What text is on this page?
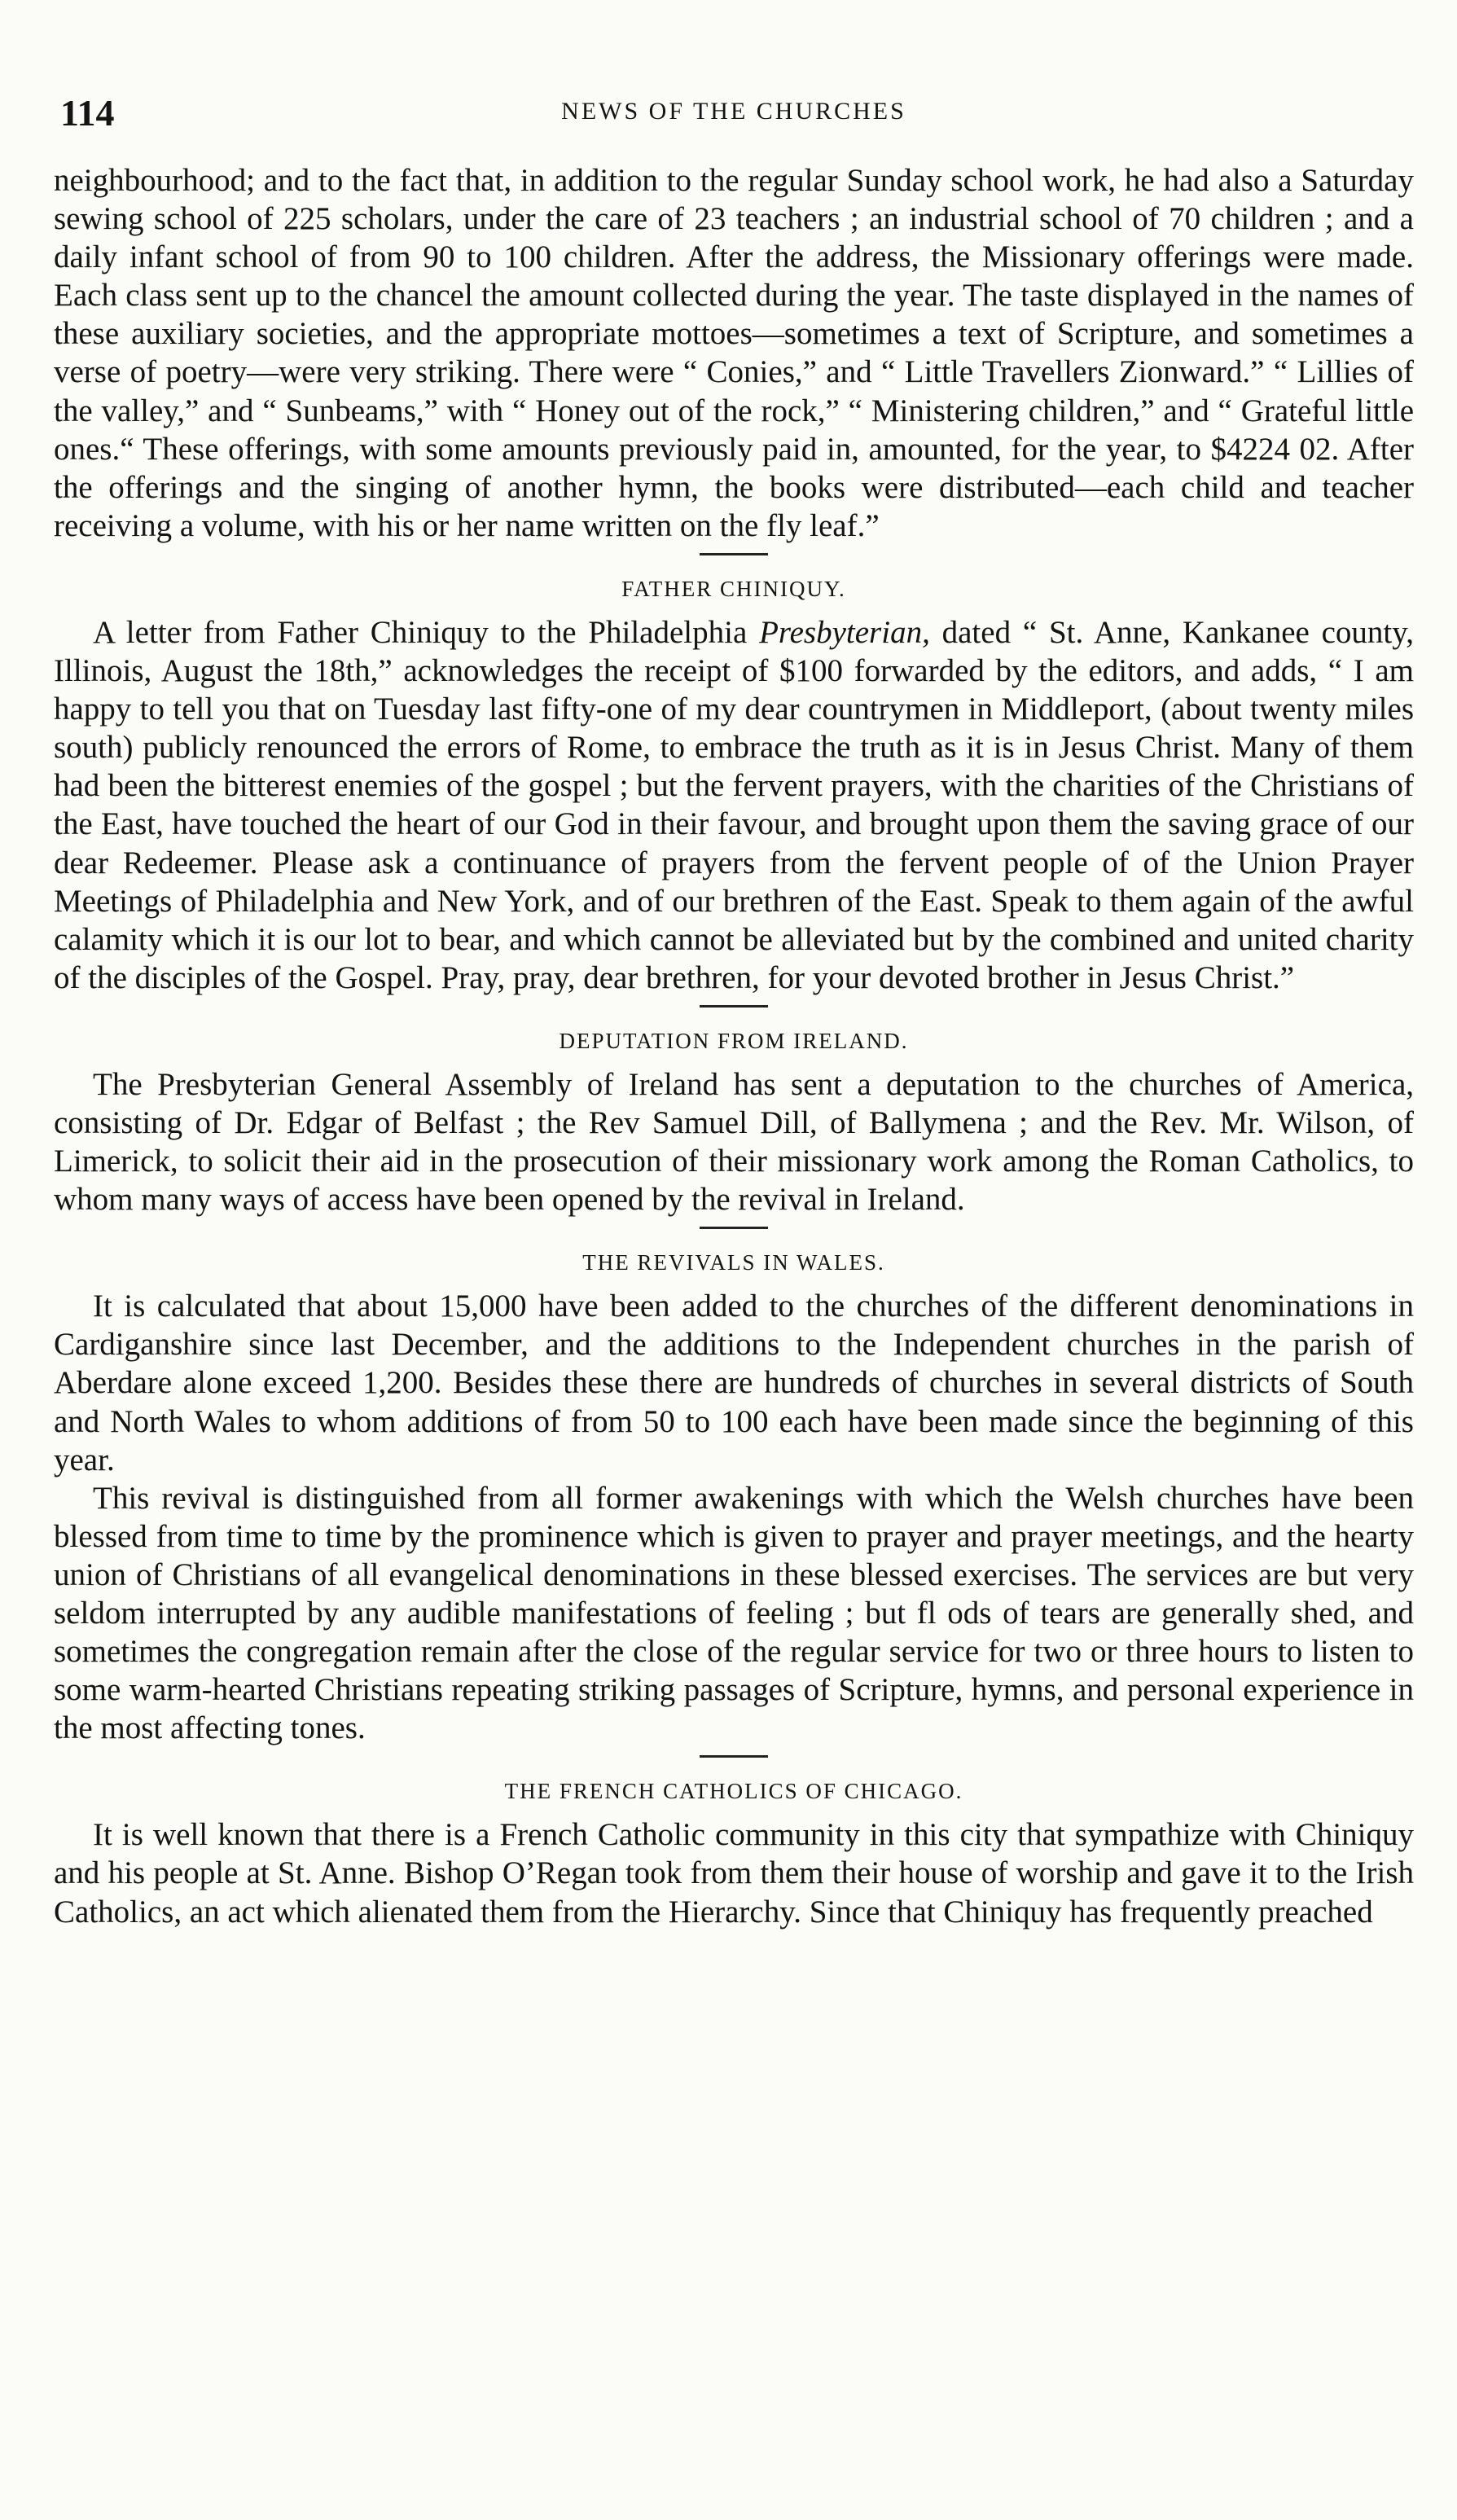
114	NEWS OF THE CHURCHES

neighbourhood; and to the fact that, in addition to the regular Sunday school work, he had also a Saturday sewing school of 225 scholars, under the care of 23 teachers ; an industrial school of 70 children ; and a daily infant school of from 90 to 100 children. After the address, the Missionary offerings were made. Each class sent up to the chancel the amount collected during the year. The taste displayed in the names of these auxiliary societies, and the appropriate mottoes—sometimes a text of Scripture, and sometimes a verse of poetry—were very striking. There were “ Conies,” and “ Little Travellers Zionward.” “ Lillies of the valley,” and “ Sunbeams,” with “ Honey out of the rock,” “ Ministering children,” and “ Grateful little ones.“ These offerings, with some amounts previously paid in, amounted, for the year, to $4224 02. After the offerings and the singing of another hymn, the books were distributed—each child and teacher receiving a volume, with his or her name written on the fly leaf.”

FATHER CHINIQUY.

A letter from Father Chiniquy to the Philadelphia Presbyterian, dated “ St. Anne, Kankanee county, Illinois, August the 18th,” acknowledges the receipt of $100 forwarded by the editors, and adds, “ I am happy to tell you that on Tuesday last fifty-one of my dear countrymen in Middleport, (about twenty miles south) publicly renounced the errors of Rome, to embrace the truth as it is in Jesus Christ. Many of them had been the bitterest enemies of the gospel ; but the fervent prayers, with the charities of the Christians of the East, have touched the heart of our God in their favour, and brought upon them the saving grace of our dear Redeemer. Please ask a continuance of prayers from the fervent people of of the Union Prayer Meetings of Philadelphia and New York, and of our brethren of the East. Speak to them again of the awful calamity which it is our lot to bear, and which cannot be alleviated but by the combined and united charity of the disciples of the Gospel. Pray, pray, dear brethren, for your devoted brother in Jesus Christ.”

DEPUTATION FROM IRELAND.

The Presbyterian General Assembly of Ireland has sent a deputation to the churches of America, consisting of Dr. Edgar of Belfast ; the Rev Samuel Dill, of Ballymena ; and the Rev. Mr. Wilson, of Limerick, to solicit their aid in the prosecution of their missionary work among the Roman Catholics, to whom many ways of access have been opened by the revival in Ireland.

THE REVIVALS IN WALES.

It is calculated that about 15,000 have been added to the churches of the different denominations in Cardiganshire since last December, and the additions to the Independent churches in the parish of Aberdare alone exceed 1,200. Besides these there are hundreds of churches in several districts of South and North Wales to whom additions of from 50 to 100 each have been made since the beginning of this year.

This revival is distinguished from all former awakenings with which the Welsh churches have been blessed from time to time by the prominence which is given to prayer and prayer meetings, and the hearty union of Christians of all evangelical denominations in these blessed exercises. The services are but very seldom interrupted by any audible manifestations of feeling ; but fl ods of tears are generally shed, and sometimes the congregation remain after the close of the regular service for two or three hours to listen to some warm-hearted Christians repeating striking passages of Scripture, hymns, and personal experience in the most affecting tones.

THE FRENCH CATHOLICS OF CHICAGO.

It is well known that there is a French Catholic community in this city that sympathize with Chiniquy and his people at St. Anne. Bishop O’Regan took from them their house of worship and gave it to the Irish Catholics, an act which alienated them from the Hierarchy. Since that Chiniquy has frequently preached
